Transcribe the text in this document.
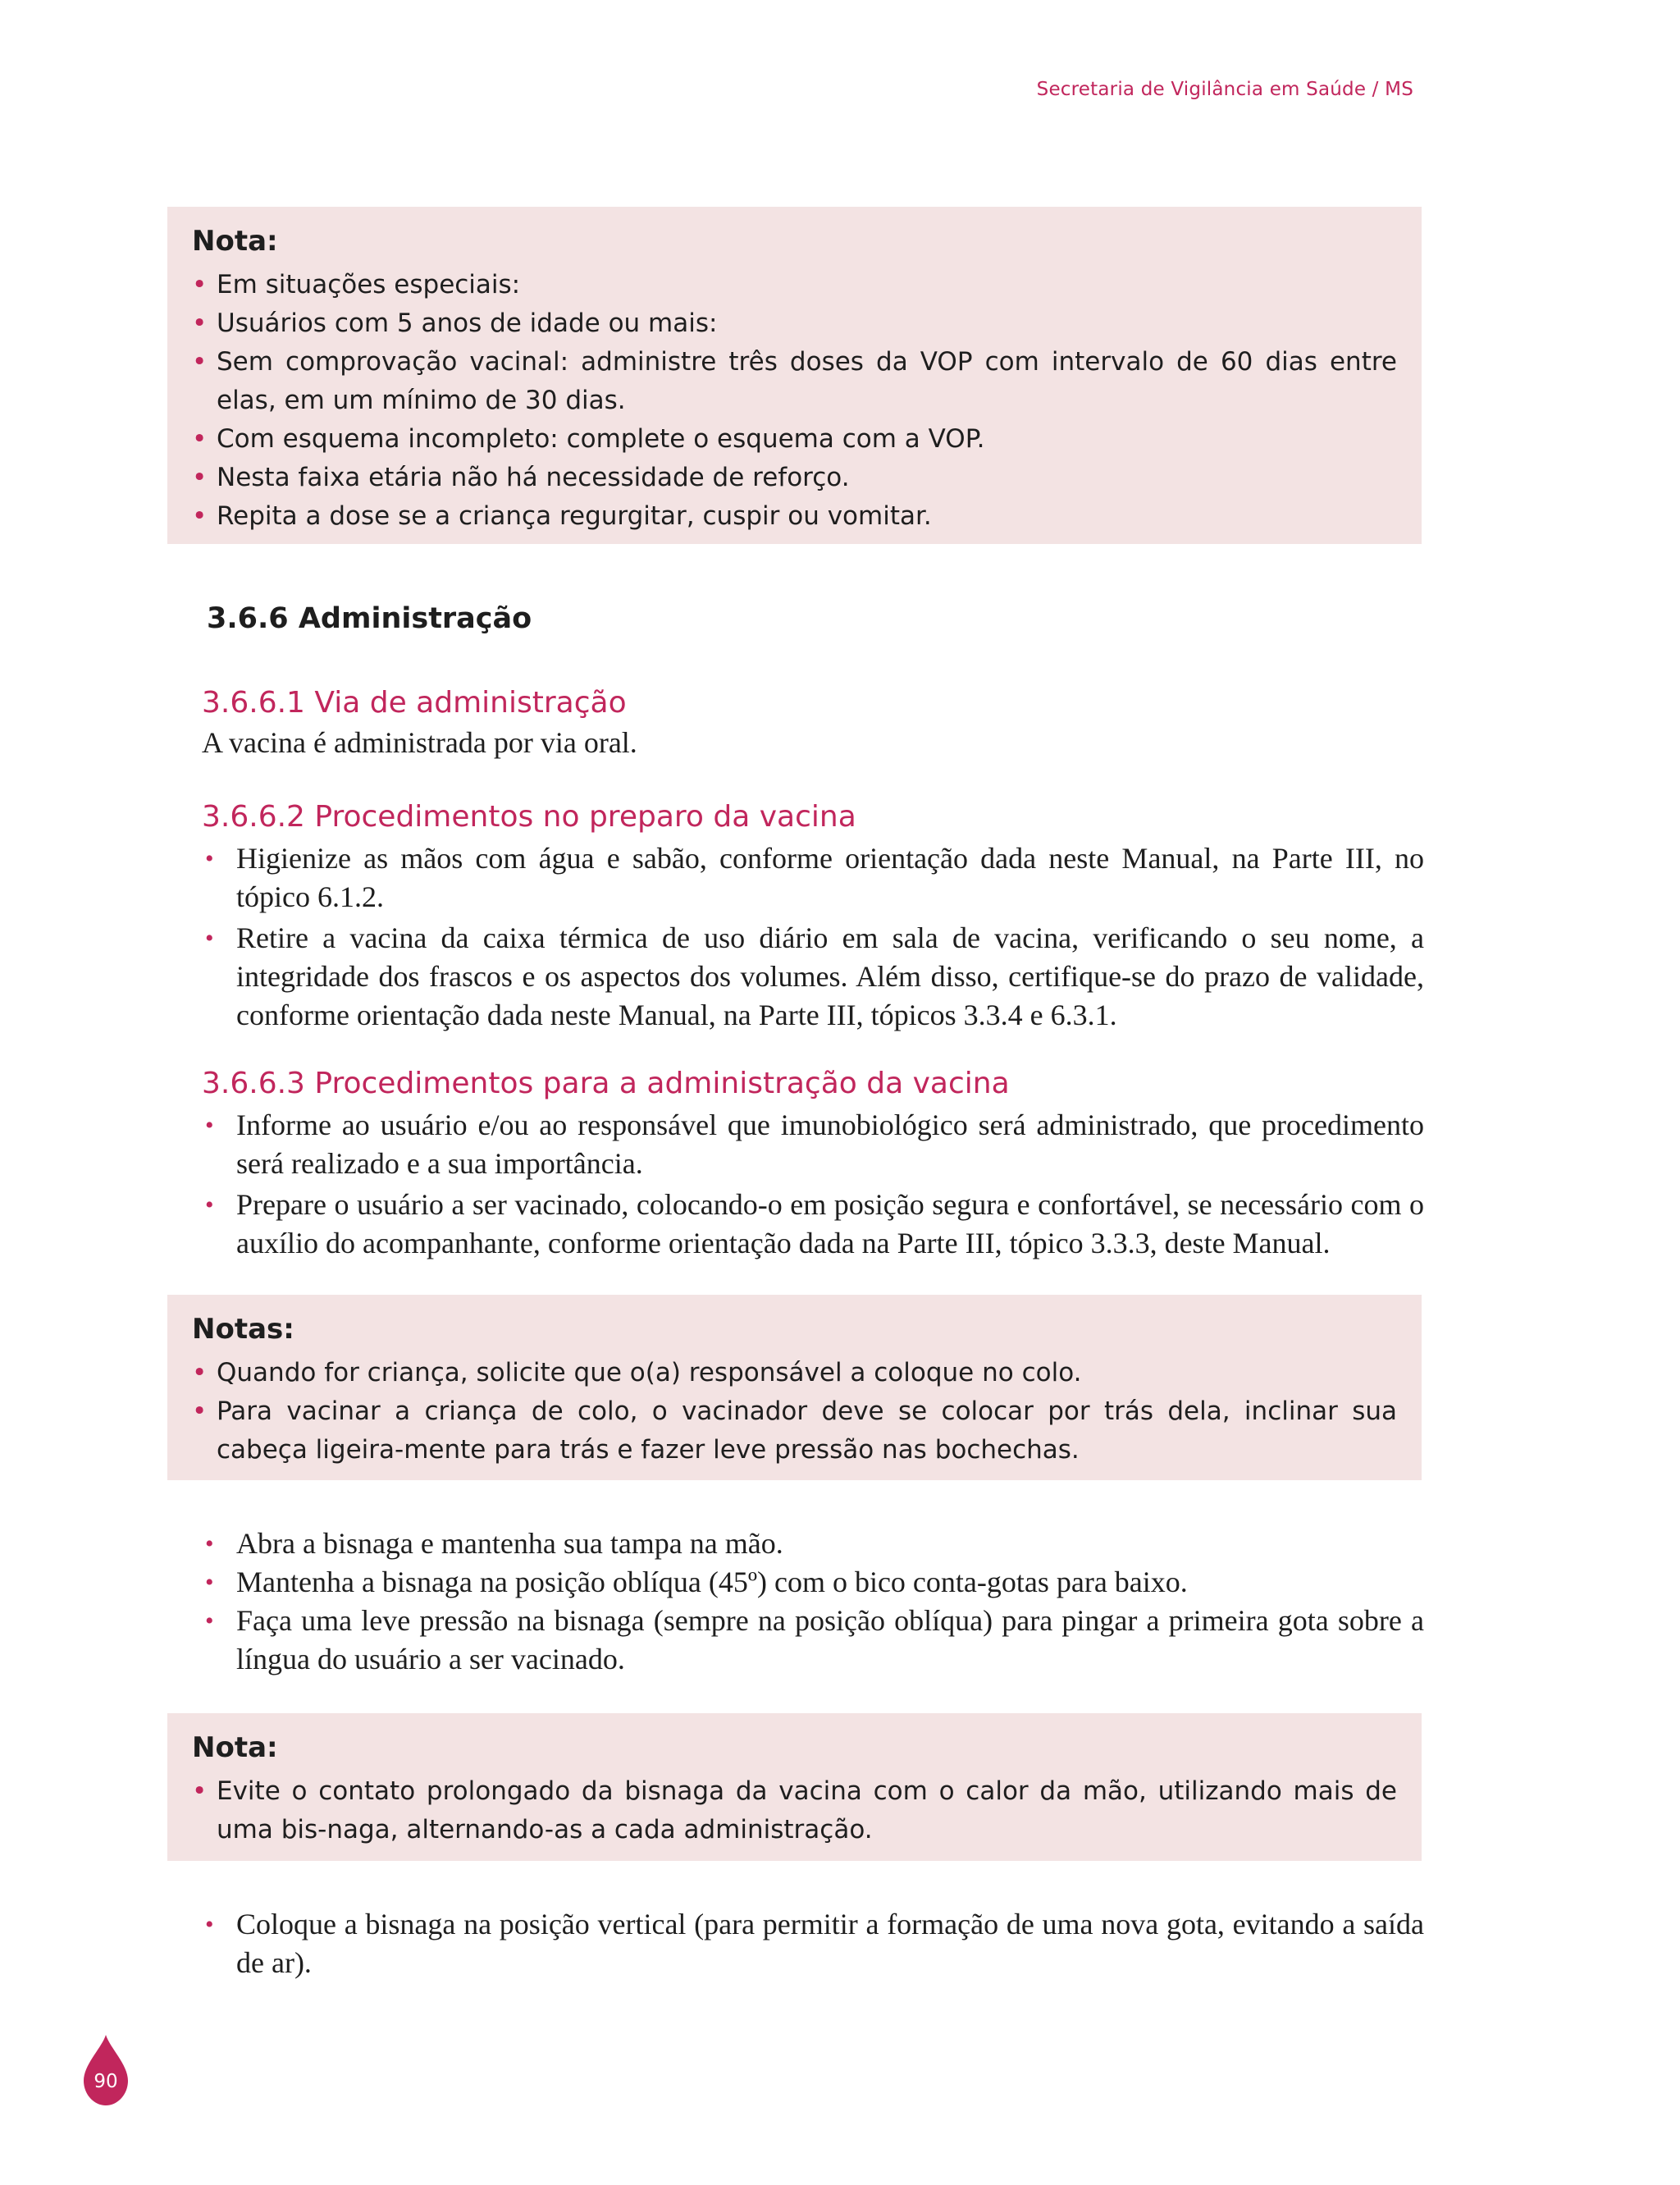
Secretaria de Vigilância em Saúde / MS
Nota:
• Em situações especiais:
• Usuários com 5 anos de idade ou mais:
• Sem comprovação vacinal: administre três doses da VOP com intervalo de 60 dias entre elas, em um mínimo de 30 dias.
• Com esquema incompleto: complete o esquema com a VOP.
• Nesta faixa etária não há necessidade de reforço.
• Repita a dose se a criança regurgitar, cuspir ou vomitar.
3.6.6 Administração
3.6.6.1 Via de administração
A vacina é administrada por via oral.
3.6.6.2 Procedimentos no preparo da vacina
• Higienize as mãos com água e sabão, conforme orientação dada neste Manual, na Parte III, no tópico 6.1.2.
• Retire a vacina da caixa térmica de uso diário em sala de vacina, verificando o seu nome, a integridade dos frascos e os aspectos dos volumes. Além disso, certifique-se do prazo de validade, conforme orientação dada neste Manual, na Parte III, tópicos 3.3.4 e 6.3.1.
3.6.6.3 Procedimentos para a administração da vacina
• Informe ao usuário e/ou ao responsável que imunobiológico será administrado, que procedimento será realizado e a sua importância.
• Prepare o usuário a ser vacinado, colocando-o em posição segura e confortável, se necessário com o auxílio do acompanhante, conforme orientação dada na Parte III, tópico 3.3.3, deste Manual.
Notas:
• Quando for criança, solicite que o(a) responsável a coloque no colo.
• Para vacinar a criança de colo, o vacinador deve se colocar por trás dela, inclinar sua cabeça ligeira-mente para trás e fazer leve pressão nas bochechas.
• Abra a bisnaga e mantenha sua tampa na mão.
• Mantenha a bisnaga na posição oblíqua (45º) com o bico conta-gotas para baixo.
• Faça uma leve pressão na bisnaga (sempre na posição oblíqua) para pingar a primeira gota sobre a língua do usuário a ser vacinado.
Nota:
• Evite o contato prolongado da bisnaga da vacina com o calor da mão, utilizando mais de uma bis-naga, alternando-as a cada administração.
• Coloque a bisnaga na posição vertical (para permitir a formação de uma nova gota, evitando a saída de ar).
90
